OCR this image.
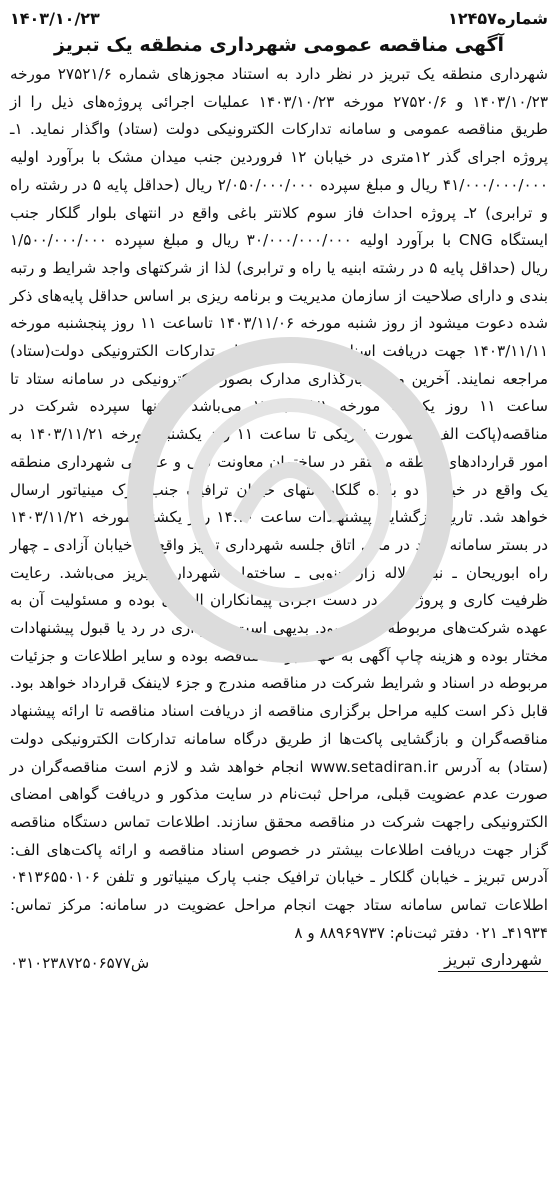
۱۴۰۳/۱۰/۲۳	شماره۱۲۴۵۷
آگهی مناقصه عمومی شهرداری منطقه یک تبریز

شهرداری منطقه یک تبریز در نظر دارد به استناد مجوزهای شماره ۲۷۵۲۱/۶ مورخه ۱۴۰۳/۱۰/۲۳ و ۲۷۵۲۰/۶ مورخه ۱۴۰۳/۱۰/۲۳ عملیات اجرائی پروژه‌های ذیل را از طریق مناقصه عمومی و سامانه تدارکات الکترونیکی دولت (ستاد) واگذار نماید. ۱ـ پروژه اجرای گذر ۱۲متری در خیابان ۱۲ فروردین جنب میدان مشک با برآورد اولیه ۴۱/۰۰۰/۰۰۰/۰۰۰ ریال و مبلغ سپرده ۲/۰۵۰/۰۰۰/۰۰۰ ریال (حداقل پایه ۵ در رشته راه و ترابری) ۲ـ پروژه احداث فاز سوم کلانتر باغی واقع در انتهای بلوار گلکار جنب ایستگاه CNG با برآورد اولیه ۳۰/۰۰۰/۰۰۰/۰۰۰ ریال و مبلغ سپرده ۱/۵۰۰/۰۰۰/۰۰۰ ریال (حداقل پایه ۵ در رشته ابنیه یا راه و ترابری) لذا از شرکتهای واجد شرایط و رتبه بندی و دارای صلاحیت از سازمان مدیریت و برنامه ریزی بر اساس حداقل پایه‌های ذکر شده دعوت میشود از روز شنبه مورخه ۱۴۰۳/۱۱/۰۶ تاساعت ۱۱ روز پنجشنبه مورخه ۱۴۰۳/۱۱/۱۱ جهت دریافت اسناد مناقصه به سامانه تدارکات الکترونیکی دولت(ستاد) مراجعه نمایند. آخرین مهلت بارگذاری مدارک بصورت الکترونیکی در سامانه ستاد تا ساعت ۱۱ روز یکشنبه مورخه ۱۴۰۳/۱۱/۲۱ می‌باشد و تنها سپرده شرکت در مناقصه(پاکت الف) بصورت فیزیکی تا ساعت ۱۱ روز یکشنبه مورخه ۱۴۰۳/۱۱/۲۱ به امور قراردادهای منطقه مستقر در ساختمان معاونت فنی و عمرانی شهرداری منطقه یک واقع در خیابان دو بانده گلکار انتهای خیابان ترافیک جنب پارک مینیاتور ارسال خواهد شد. تاریخ بازگشایی پیشنهادات ساعت ۱۴:۳۰ روز یکشنبه مورخه ۱۴۰۳/۱۱/۲۱ در بستر سامانه ستاد در محل اتاق جلسه شهرداری تبریز واقع در خیابان آزادی ـ چهار راه ابوریحان ـ نبش لاله زار جنوبی ـ ساختمان شهرداری تبریز می‌باشد. رعایت ظرفیت کاری و پروژه‌های در دست اجرای پیمانکاران الزامی بوده و مسئولیت آن به عهده شرکت‌های مربوطه خواهد بود. بدیهی است شهرداری در رد یا قبول پیشنهادات مختار بوده و هزینه چاپ آگهی به عهده برنده مناقصه بوده و سایر اطلاعات و جزئیات مربوطه در اسناد و شرایط شرکت در مناقصه مندرج و جزء لاینفک قرارداد خواهد بود. قابل ذکر است کلیه مراحل برگزاری مناقصه از دریافت اسناد مناقصه تا ارائه پیشنهاد مناقصه‌گران و بازگشایی پاکت‌ها از طریق درگاه سامانه تدارکات الکترونیکی دولت (ستاد) به آدرس www.setadiran.ir انجام خواهد شد و لازم است مناقصه‌گران در صورت عدم عضویت قبلی، مراحل ثبت‌نام در سایت مذکور و دریافت گواهی امضای الکترونیکی راجهت شرکت در مناقصه محقق سازند. اطلاعات تماس دستگاه مناقصه گزار جهت دریافت اطلاعات بیشتر در خصوص اسناد مناقصه و ارائه پاکت‌های الف: آدرس تبریز ـ خیابان گلکار ـ خیابان ترافیک جنب پارک مینیاتور و تلفن ۰۴۱۳۶۵۵۰۱۰۶ اطلاعات تماس سامانه ستاد جهت انجام مراحل عضویت در سامانه: مرکز تماس: ۴۱۹۳۴ـ ۰۲۱ دفتر ثبت‌نام: ۸۸۹۶۹۷۳۷ و ۸

ش۰۳۱۰۲۳۸۷۲۵۰۶۵۷۷	شهرداری تبریز
